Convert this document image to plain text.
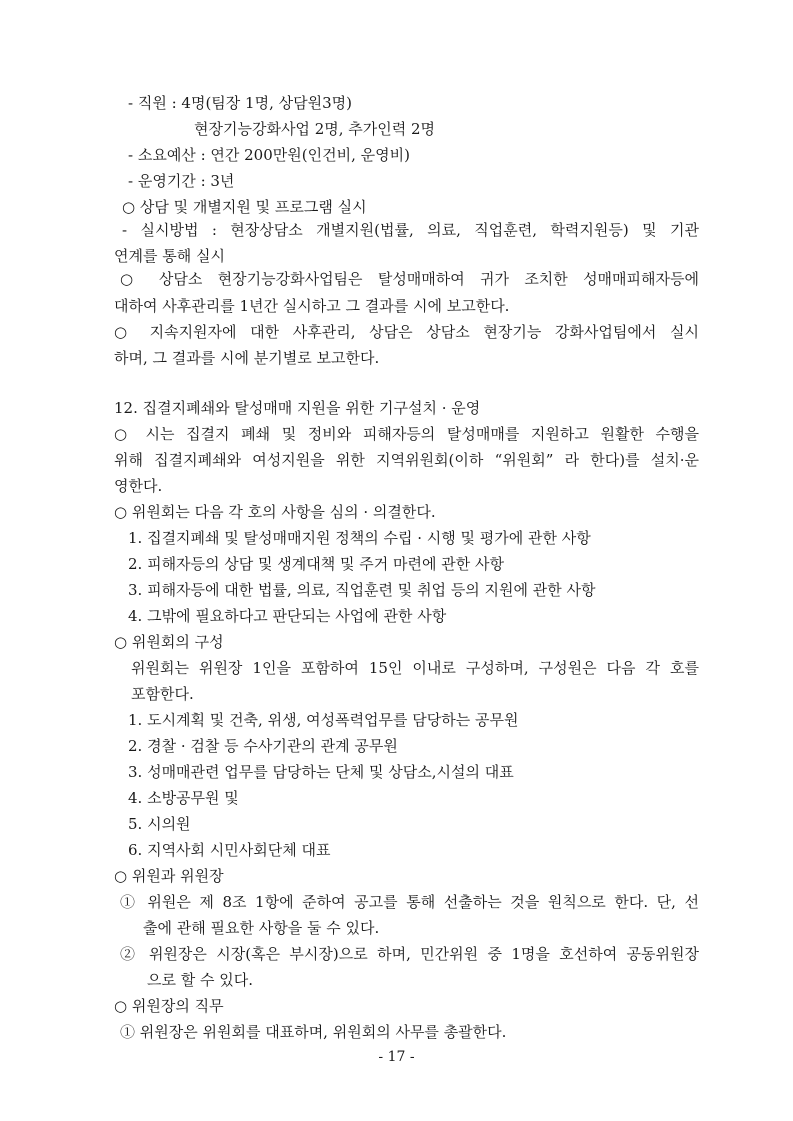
- 직원 : 4명(팀장 1명, 상담원3명)
현장기능강화사업 2명, 추가인력 2명
- 소요예산 : 연간 200만원(인건비, 운영비)
- 운영기간 : 3년
○ 상담 및 개별지원 및 프로그램 실시
- 실시방법 : 현장상담소 개별지원(법률, 의료, 직업훈련, 학력지원등) 및 기관
연계를 통해 실시
○ 상담소 현장기능강화사업팀은 탈성매매하여 귀가 조치한 성매매피해자등에
대하여 사후관리를 1년간 실시하고 그 결과를 시에 보고한다.
○ 지속지원자에 대한 사후관리, 상담은 상담소 현장기능 강화사업팀에서 실시
하며, 그 결과를 시에 분기별로 보고한다.
12. 집결지폐쇄와 탈성매매 지원을 위한 기구설치 · 운영
○ 시는 집결지 폐쇄 및 정비와 피해자등의 탈성매매를 지원하고 원활한 수행을
위해 집결지폐쇄와 여성지원을 위한 지역위원회(이하 “위원회” 라 한다)를 설치·운
영한다.
○ 위원회는 다음 각 호의 사항을 심의 · 의결한다.
1. 집결지폐쇄 및 탈성매매지원 정책의 수립 · 시행 및 평가에 관한 사항
2. 피해자등의 상담 및 생계대책 및 주거 마련에 관한 사항
3. 피해자등에 대한 법률, 의료, 직업훈련 및 취업 등의 지원에 관한 사항
4. 그밖에 필요하다고 판단되는 사업에 관한 사항
○ 위원회의 구성
위원회는 위원장 1인을 포함하여 15인 이내로 구성하며, 구성원은 다음 각 호를
포함한다.
1. 도시계획 및 건축, 위생, 여성폭력업무를 담당하는 공무원
2. 경찰 · 검찰 등 수사기관의 관계 공무원
3. 성매매관련 업무를 담당하는 단체 및 상담소,시설의 대표
4. 소방공무원 및
5. 시의원
6. 지역사회 시민사회단체 대표
○ 위원과 위원장
① 위원은 제 8조 1항에 준하여 공고를 통해 선출하는 것을 원칙으로 한다. 단, 선
출에 관해 필요한 사항을 둘 수 있다.
② 위원장은 시장(혹은 부시장)으로 하며, 민간위원 중 1명을 호선하여 공동위원장
으로 할 수 있다.
○ 위원장의 직무
① 위원장은 위원회를 대표하며, 위원회의 사무를 총괄한다.
- 17 -
